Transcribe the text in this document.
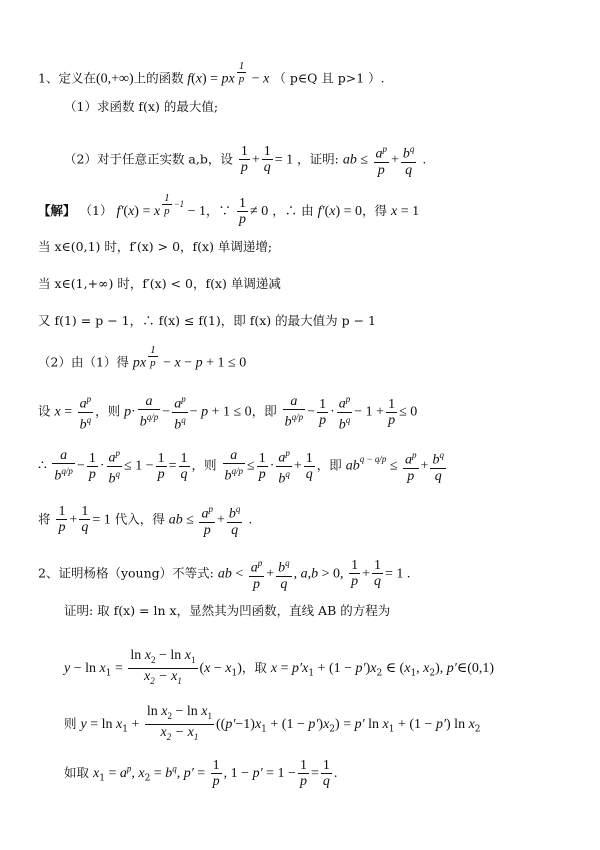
1、定义在(0,+∞)上的函数 f(x) = px $^{\frac{1}{p}}$ − x （ p∈Q 且 p>1 ）.
（1）求函数 f(x) 的最大值;
（2）对于任意正实数 a,b，设 $\frac{1}{p} + \frac{1}{q} = 1$ ，证明: ab ≤ $\frac{a^p}{p} + \frac{b^q}{q}$ .
【解】 （1） f′(x) = x $^{\frac{1}{p} -1}$ − 1，∵ $\frac{1}{p} \ne 0$ ，∴ 由 f′(x) = 0，得 x = 1
当 x∈(0,1) 时，f′(x) > 0，f(x) 单调递增;
当 x∈(1,+∞) 时，f′(x) < 0，f(x) 单调递减
又 f(1) = p − 1，∴ f(x) ≤ f(1)，即 f(x) 的最大值为 p − 1
（2）由（1）得 px $^{\frac{1}{p}}$ − x − p + 1 ≤ 0
设 $x = \frac{a^p}{b^q}$ ，则 $p\cdot \frac{a}{b^{q/p}} - \frac{a^p}{b^q} - p + 1 \le 0$，即 $\frac{a}{b^{q/p}} - \frac{1}{p} \cdot \frac{a^p}{b^q} - 1 + \frac{1}{p} \le 0$
∴ $\frac{a}{b^{q/p}} - \frac{1}{p} \cdot \frac{a^p}{b^q} \le 1 - \frac{1}{p} = \frac{1}{q}$ ，则 $\frac{a}{b^{q/p}} \le \frac{1}{p} \cdot \frac{a^p}{b^q} + \frac{1}{q}$ ，即 $ab^{q - q/p} \le \frac{a^p}{p} + \frac{b^q}{q}$
将 $\frac{1}{p} + \frac{1}{q} = 1$ 代入，得 ab ≤ $\frac{a^p}{p} + \frac{b^q}{q}$ .
2、证明杨格（young）不等式: ab < $\frac{a^p}{p} + \frac{b^q}{q}$ , a,b > 0, $\frac{1}{p} + \frac{1}{q} = 1$ .
证明: 取 f(x) = ln x，显然其为凹函数，直线 AB 的方程为
$y - \ln x_1 = \frac{\ln x_2 - \ln x_1}{x_2 - x_1} (x - x_1)$，取 $x = p'x_1 + (1 - p')x_2$ ∈ ($x_1$, $x_2$), p′∈(0,1)
则 $y = \ln x_1 + \frac{\ln x_2 - \ln x_1}{x_2 - x_1} ((p'-1)x_1 + (1 - p')x_2) = p'$ $\ln x_1 + (1 - p')$ $\ln x_2$
如取 $x_1 = a^p$, $x_2 = b^q$, $p' = \frac{1}{p}$ , $1 - p' = 1 - \frac{1}{p} = \frac{1}{q}$ .
